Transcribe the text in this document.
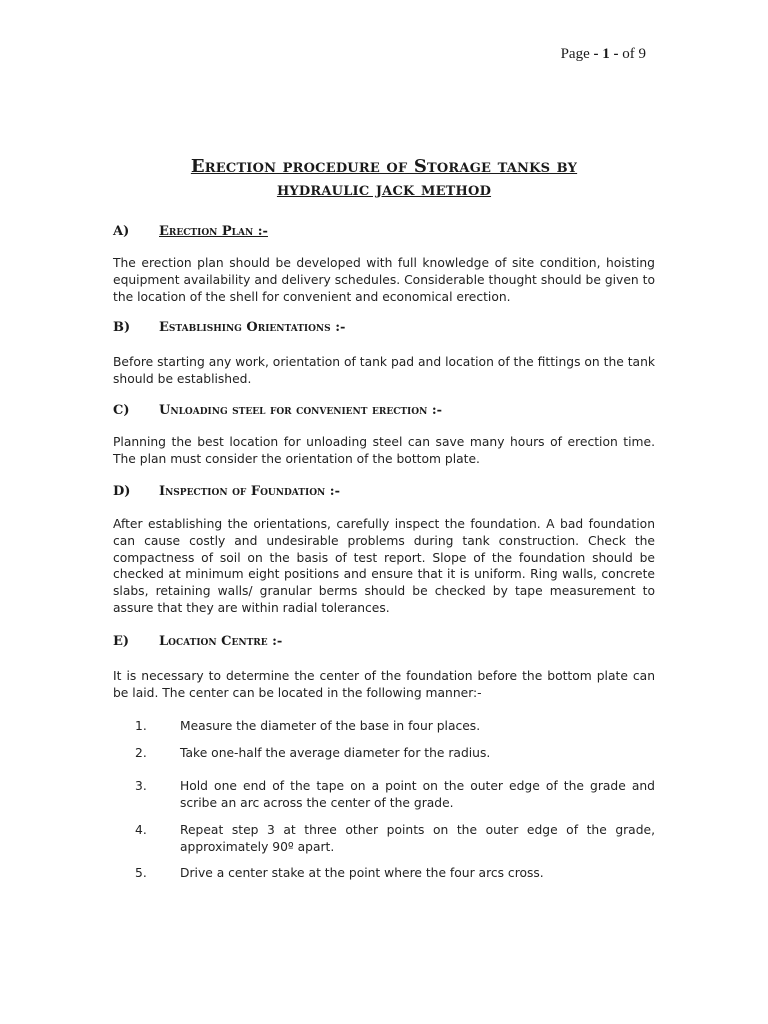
Page - 1 - of 9
Erection procedure of Storage tanks by
hydraulic jack method
A) Erection Plan :-
The erection plan should be developed with full knowledge of site condition, hoisting equipment availability and delivery schedules. Considerable thought should be given to the location of the shell for convenient and economical erection.
B) Establishing Orientations :-
Before starting any work, orientation of tank pad and location of the fittings on the tank should be established.
C) Unloading steel for convenient erection :-
Planning the best location for unloading steel can save many hours of erection time. The plan must consider the orientation of the bottom plate.
D) Inspection of Foundation :-
After establishing the orientations, carefully inspect the foundation. A bad foundation can cause costly and undesirable problems during tank construction. Check the compactness of soil on the basis of test report. Slope of the foundation should be checked at minimum eight positions and ensure that it is uniform. Ring walls, concrete slabs, retaining walls/ granular berms should be checked by tape measurement to assure that they are within radial tolerances.
E) Location Centre :-
It is necessary to determine the center of the foundation before the bottom plate can be laid. The center can be located in the following manner:-
1.	Measure the diameter of the base in four places.
2.	Take one-half the average diameter for the radius.
3.	Hold one end of the tape on a point on the outer edge of the grade and scribe an arc across the center of the grade.
4.	Repeat step 3 at three other points on the outer edge of the grade, approximately 90º apart.
5.	Drive a center stake at the point where the four arcs cross.
